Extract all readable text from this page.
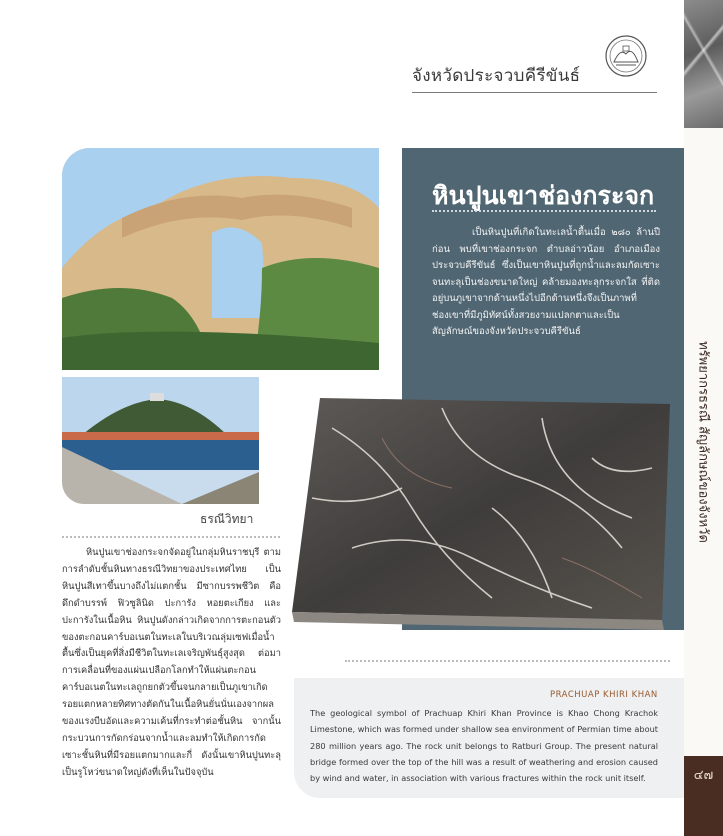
ทรัพยากรธรณี สัญลักษณ์ของจังหวัด
๔๗
จังหวัดประจวบคีรีขันธ์
หินปูนเขาช่องกระจก
เป็นหินปูนที่เกิดในทะเลน้ำตื้นเมื่อ ๒๘๐ ล้านปีก่อน พบที่เขาช่องกระจก ตำบลอ่าวน้อย อำเภอเมืองประจวบคีรีขันธ์ ซึ่งเป็นเขาหินปูนที่ถูกน้ำและลมกัดเซาะจนทะลุเป็นช่องขนาดใหญ่ คล้ายมองทะลุกระจกใส ที่ติดอยู่บนภูเขาจากด้านหนึ่งไปอีกด้านหนึ่งจึงเป็นภาพที่ช่องเขาที่มีภูมิทัศน์ทั้งสวยงามแปลกตาและเป็นสัญลักษณ์ของจังหวัดประจวบคีรีขันธ์
ธรณีวิทยา
หินปูนเขาช่องกระจกจัดอยู่ในกลุ่มหินราชบุรี ตามการลำดับชั้นหินทางธรณีวิทยาของประเทศไทย เป็นหินปูนสีเทาขึ้นบางถึงไม่แตกชั้น มีซากบรรพชีวิต คือ ดึกดำบรรพ์ ฟิวซูลินิด ปะการัง หอยตะเกียง และปะการังในเนื้อหิน หินปูนดังกล่าวเกิดจากการตะกอนตัวของตะกอนคาร์บอเนตในทะเลในบริเวณลุ่มเซฟเมื่อน้ำตื้นซึ่งเป็นยุคที่สิ่งมีชีวิตในทะเลเจริญพันธุ์สูงสุด ต่อมาการเคลื่อนที่ของแผ่นเปลือกโลกทำให้แผ่นตะกอนคาร์บอเนตในทะเลถูกยกตัวขึ้นจนกลายเป็นภูเขาเกิดรอยแตกหลายทิศทางตัดกันในเนื้อหินยั่นนั่นเองจากผลของแรงบีบอัดและความเค้นที่กระทำต่อชั้นหิน จากนั้นกระบวนการกัดกร่อนจากน้ำและลมทำให้เกิดการกัดเซาะชั้นหินที่มีรอยแตกมากและกี่ ดังนั้นเขาหินปูนทะลุเป็นรูโหว่ขนาดใหญ่ดังที่เห็นในปัจจุบัน
PRACHUAP KHIRI KHAN
The geological symbol of Prachuap Khiri Khan Province is Khao Chong Krachok Limestone, which was formed under shallow sea environment of Permian time about 280 million years ago. The rock unit belongs to Ratburi Group. The present natural bridge formed over the top of the hill was a result of weathering and erosion caused by wind and water, in association with various fractures within the rock unit itself.
